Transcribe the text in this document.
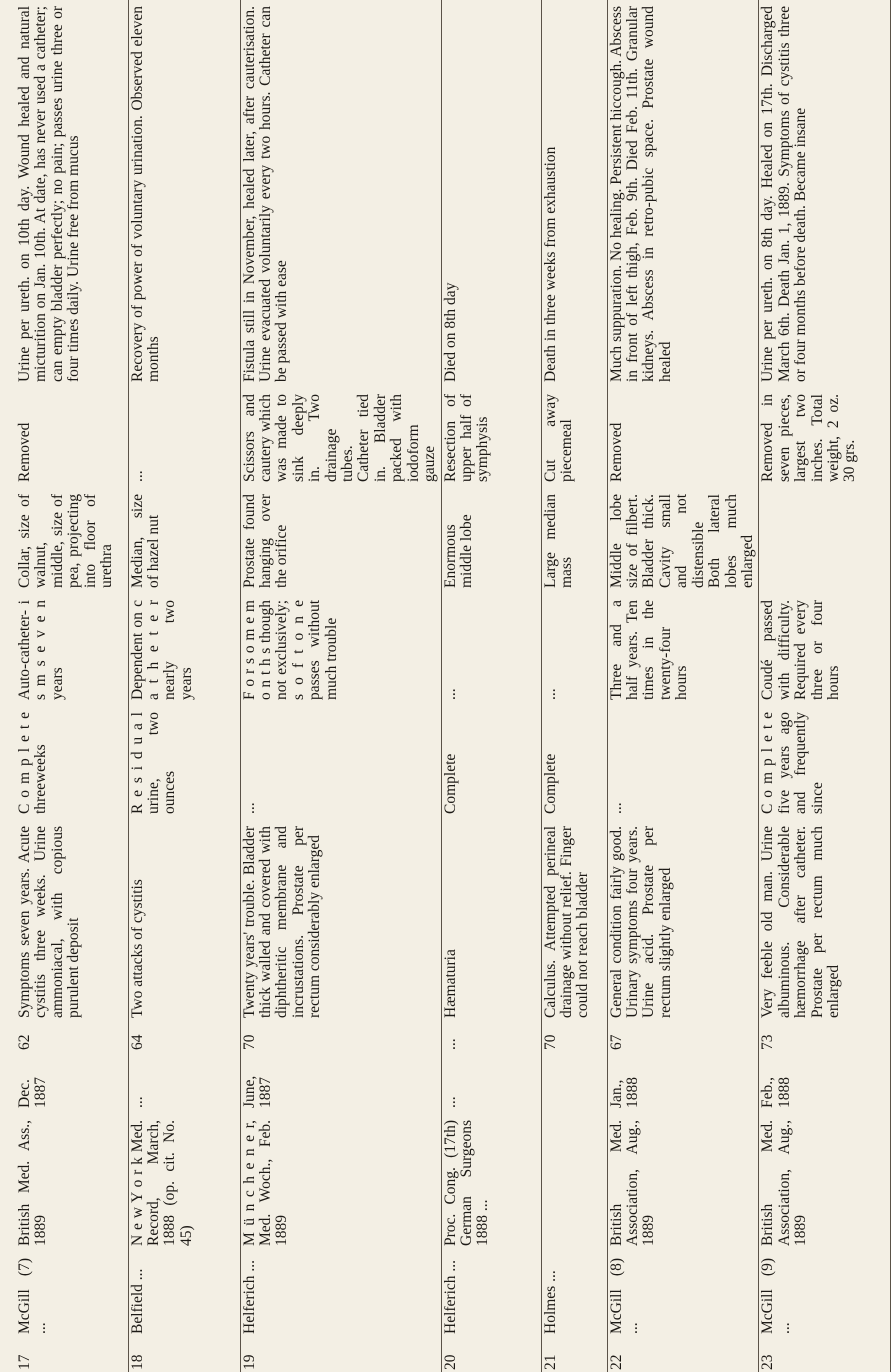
17	McGill (7) ...	British Med. Ass., 1889	Dec. 1887	62	Symptoms seven years. Acute cystitis three weeks. Urine ammoniacal, with copious purulent deposit	C o m p l e t e threeweeks	Auto-catheter- i s m s e v e n years	Collar, size of walnut, middle, size of pea, projecting into floor of urethra	Removed	Urine per ureth. on 10th day. Wound healed and natural micturition on Jan. 10th. At date, has never used a catheter; can empty bladder perfectly; no pain; passes urine three or four times daily. Urine free from mucus
18	Belfield ...	N e w Y o r k Med. Record, March, 1888 (op. cit. No. 45)	...	64	Two attacks of cystitis	R e s i d u a l urine, two ounces	Dependent on c a t h e t e r nearly two years	Median, size of hazel nut	...	Recovery of power of voluntary urination. Observed eleven months
19	Helferich ...	M ü n c h e n e r, Med. Woch., Feb. 1889	June, 1887	70	Twenty years' trouble. Bladder thick walled and covered with diphtheritic membrane and incrustations. Prostate per rectum considerably enlarged	...	F o r s o m e m o n t h s though not exclusively; s o f t o n e passes without much trouble	Prostate found hanging over the orifice	Scissors and cautery which was made to sink deeply in. Two drainage tubes. Catheter tied in. Bladder packed with iodoform gauze	Fistula still in November, healed later, after cauterisation. Urine evacuated voluntarily every two hours. Catheter can be passed with ease
20	Helferich ...	Proc. Cong. (17th) German Surgeons 1888 ...	...	...	Hæmaturia	Complete	...	Enormous middle lobe	Resection of upper half of symphysis	Died on 8th day
21	Holmes ...			70	Calculus. Attempted perineal drainage without relief. Finger could not reach bladder	Complete	...	Large median mass	Cut away piecemeal	Death in three weeks from exhaustion
22	McGill (8) ...	British Med. Association, Aug., 1889	Jan., 1888	67	General condition fairly good. Urinary symptoms four years. Urine acid. Prostate per rectum slightly enlarged	...	Three and a half years. Ten times in the twenty-four hours	Middle lobe size of filbert. Bladder thick. Cavity small and not distensible Both lateral lobes much enlarged	Removed	Much suppuration. No healing. Persistent hiccough. Abscess in front of left thigh, Feb. 9th. Died Feb. 11th. Granular kidneys. Abscess in retro-pubic space. Prostate wound healed
23	McGill (9) ...	British Med. Association, Aug., 1889	Feb., 1888	73	Very feeble old man. Urine albuminous. Considerable hæmorrhage after catheter. Prostate per rectum much enlarged	C o m p l e t e five years ago and frequently since	Coudé passed with difficulty. Required every three or four hours		Removed in seven pieces, largest two inches. Total weight, 2 oz. 30 grs.	Urine per ureth. on 8th day. Healed on 17th. Discharged March 6th. Death Jan. 1, 1889. Symptoms of cystitis three or four months before death. Became insane
